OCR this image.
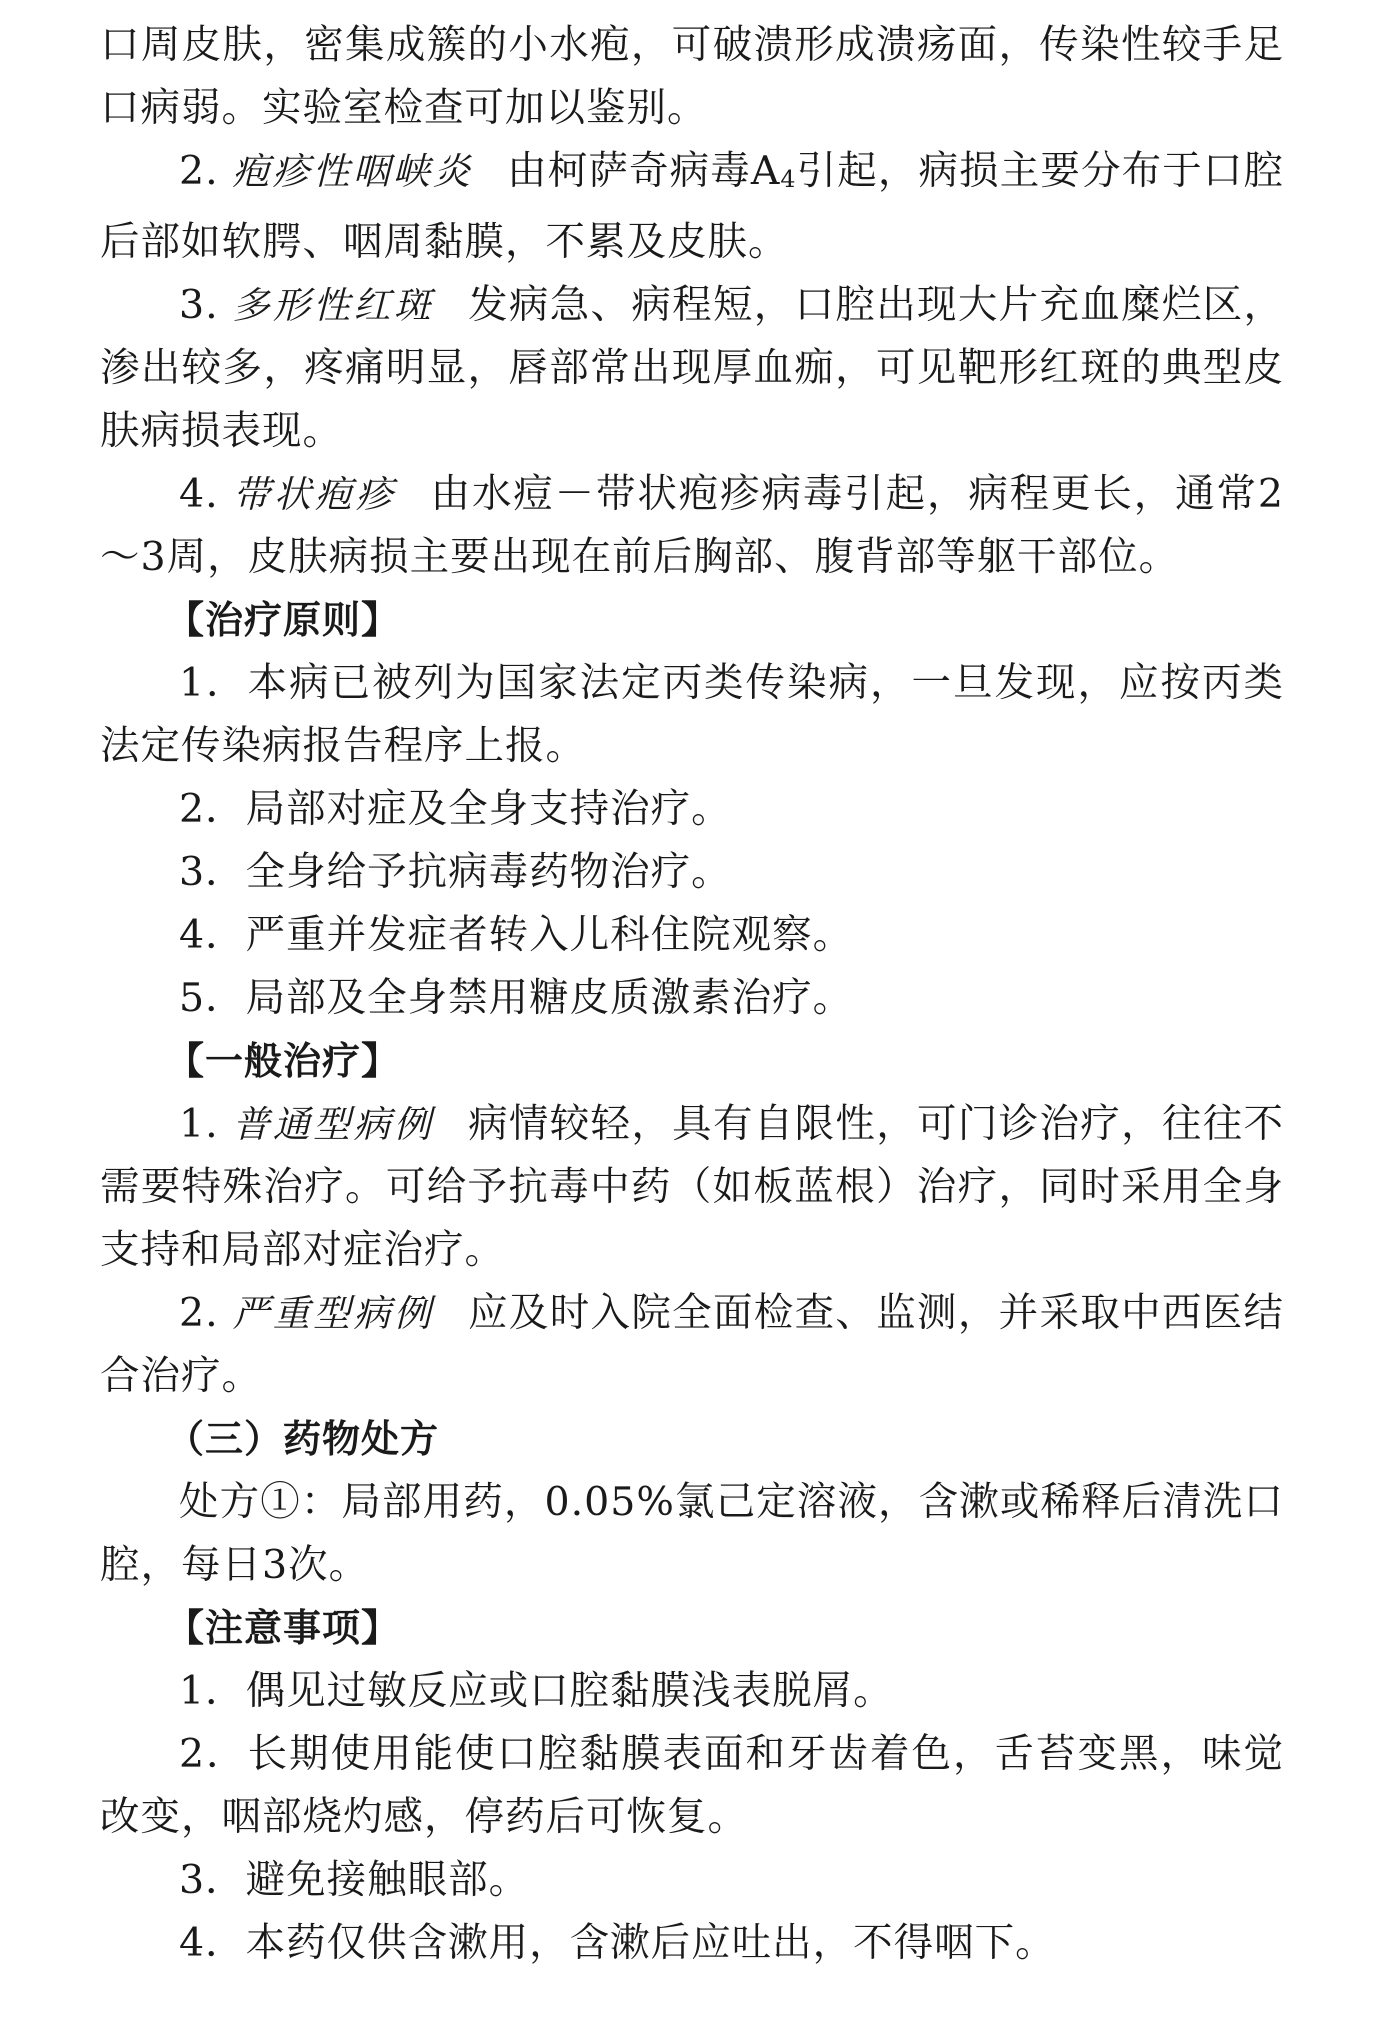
口周皮肤，密集成簇的小水疱，可破溃形成溃疡面，传染性较手足口病弱。实验室检查可加以鉴别。

2. 疱疹性咽峡炎 由柯萨奇病毒$A_4$引起，病损主要分布于口腔后部如软腭、咽周黏膜，不累及皮肤。

3. 多形性红斑 发病急、病程短，口腔出现大片充血糜烂区，渗出较多，疼痛明显，唇部常出现厚血痂，可见靶形红斑的典型皮肤病损表现。

4. 带状疱疹 由水痘－带状疱疹病毒引起，病程更长，通常2～3周，皮肤病损主要出现在前后胸部、腹背部等躯干部位。

【治疗原则】

1．本病已被列为国家法定丙类传染病，一旦发现，应按丙类法定传染病报告程序上报。

2．局部对症及全身支持治疗。

3．全身给予抗病毒药物治疗。

4．严重并发症者转入儿科住院观察。

5．局部及全身禁用糖皮质激素治疗。

【一般治疗】

1. 普通型病例 病情较轻，具有自限性，可门诊治疗，往往不需要特殊治疗。可给予抗毒中药（如板蓝根）治疗，同时采用全身支持和局部对症治疗。

2. 严重型病例 应及时入院全面检查、监测，并采取中西医结合治疗。

（三）药物处方

处方①：局部用药，0.05%氯己定溶液，含漱或稀释后清洗口腔，每日3次。

【注意事项】

1．偶见过敏反应或口腔黏膜浅表脱屑。

2．长期使用能使口腔黏膜表面和牙齿着色，舌苔变黑，味觉改变，咽部烧灼感，停药后可恢复。

3．避免接触眼部。

4．本药仅供含漱用，含漱后应吐出，不得咽下。
